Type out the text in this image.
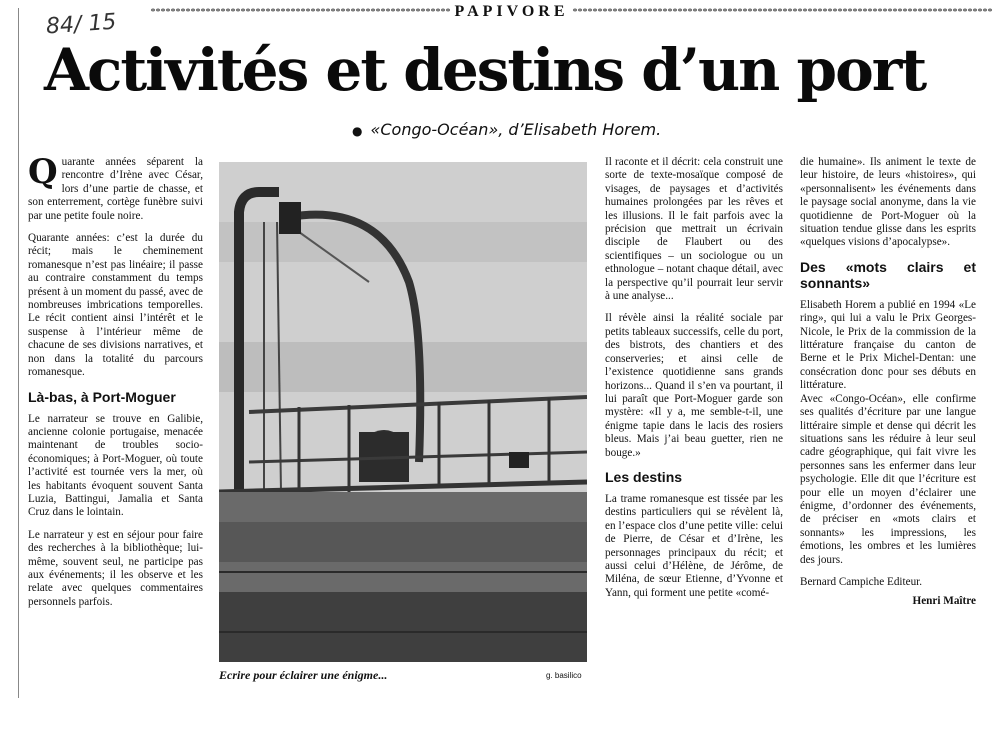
************************************************************ PAPIVORE ************************************************************************************
84/ 15
Activités et destins d’un port
● «Congo-Océan», d’Elisabeth Horem.

Quarante années séparent la rencontre d’Irène avec César, lors d’une partie de chasse, et son enterrement, cortège funèbre suivi par une petite foule noire.

Quarante années: c’est la durée du récit; mais le cheminement romanesque n’est pas linéaire; il passe au contraire constamment du temps présent à un moment du passé, avec de nombreuses imbrications temporelles. Le récit contient ainsi l’intérêt et le suspense à l’intérieur même de chacune de ses divisions narratives, et non dans la totalité du parcours romanesque.

Là-bas, à Port-Moguer

Le narrateur se trouve en Galibie, ancienne colonie portugaise, menacée maintenant de troubles socio-économiques; à Port-Moguer, où toute l’activité est tournée vers la mer, où les habitants évoquent souvent Santa Luzia, Battingui, Jamalia et Santa Cruz dans le lointain.

Le narrateur y est en séjour pour faire des recherches à la bibliothèque; lui-même, souvent seul, ne participe pas aux événements; il les observe et les relate avec quelques commentaires personnels parfois.

Ecrire pour éclairer une énigme...	g. basilico

Il raconte et il décrit: cela construit une sorte de texte-mosaïque composé de visages, de paysages et d’activités humaines prolongées par les rêves et les illusions. Il le fait parfois avec la précision que mettrait un écrivain disciple de Flaubert ou des scientifiques – un sociologue ou un ethnologue – notant chaque détail, avec la perspective qu’il pourrait leur servir à une analyse...

Il révèle ainsi la réalité sociale par petits tableaux successifs, celle du port, des bistrots, des chantiers et des conserveries; et ainsi celle de l’existence quotidienne sans grands horizons... Quand il s’en va pourtant, il lui paraît que Port-Moguer garde son mystère: «Il y a, me semble-t-il, une énigme tapie dans le lacis des rosiers bleus. Mais j’ai beau guetter, rien ne bouge.»

Les destins

La trame romanesque est tissée par les destins particuliers qui se révèlent là, en l’espace clos d’une petite ville: celui de Pierre, de César et d’Irène, les personnages principaux du récit; et aussi celui d’Hélène, de Jérôme, de Miléna, de sœur Etienne, d’Yvonne et Yann, qui forment une petite «comé-

die humaine». Ils animent le texte de leur histoire, de leurs «histoires», qui «personnalisent» les événements dans le paysage social anonyme, dans la vie quotidienne de Port-Moguer où la situation tendue glisse dans les esprits «quelques visions d’apocalypse».

Des «mots clairs et sonnants»

Elisabeth Horem a publié en 1994 «Le ring», qui lui a valu le Prix Georges-Nicole, le Prix de la commission de la littérature française du canton de Berne et le Prix Michel-Dentan: une consécration donc pour ses débuts en littérature.

Avec «Congo-Océan», elle confirme ses qualités d’écriture par une langue littéraire simple et dense qui décrit les situations sans les réduire à leur seul cadre géographique, qui fait vivre les personnes sans les enfermer dans leur psychologie. Elle dit que l’écriture est pour elle un moyen d’éclairer une énigme, d’ordonner des événements, de préciser en «mots clairs et sonnants» les impressions, les émotions, les ombres et les lumières des jours.

Bernard Campiche Editeur.
Henri Maître
